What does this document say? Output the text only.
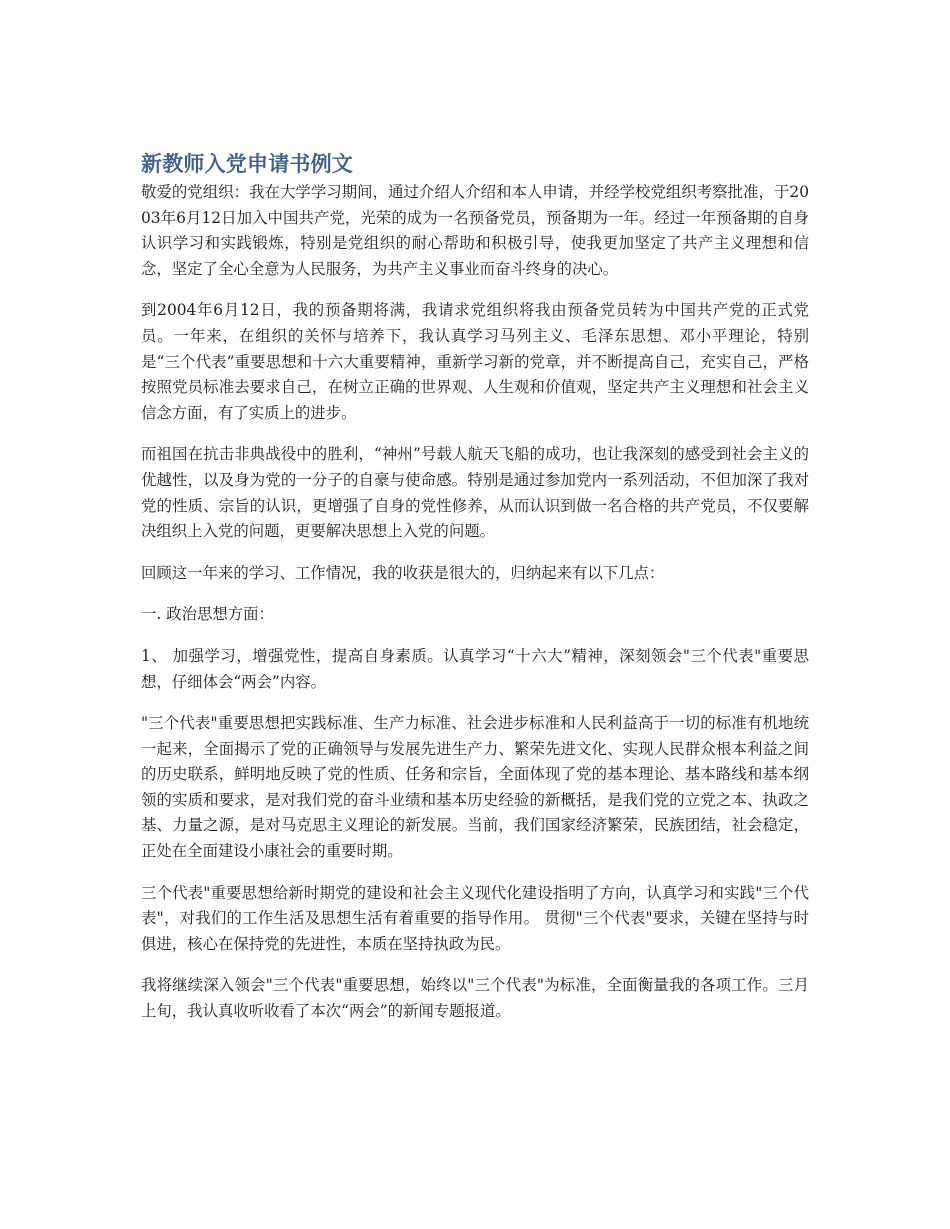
新教师入党申请书例文

敬爱的党组织：我在大学学习期间，通过介绍人介绍和本人申请，并经学校党组织考察批准，于2003年6月12日加入中国共产党，光荣的成为一名预备党员，预备期为一年。经过一年预备期的自身认识学习和实践锻炼，特别是党组织的耐心帮助和积极引导，使我更加坚定了共产主义理想和信念，坚定了全心全意为人民服务，为共产主义事业而奋斗终身的决心。

到2004年6月12日，我的预备期将满，我请求党组织将我由预备党员转为中国共产党的正式党员。一年来，在组织的关怀与培养下，我认真学习马列主义、毛泽东思想、邓小平理论，特别是“三个代表”重要思想和十六大重要精神，重新学习新的党章，并不断提高自己，充实自己，严格按照党员标准去要求自己，在树立正确的世界观、人生观和价值观，坚定共产主义理想和社会主义信念方面，有了实质上的进步。

而祖国在抗击非典战役中的胜利，“神州”号载人航天飞船的成功，也让我深刻的感受到社会主义的优越性，以及身为党的一分子的自豪与使命感。特别是通过参加党内一系列活动，不但加深了我对党的性质、宗旨的认识，更增强了自身的党性修养，从而认识到做一名合格的共产党员，不仅要解决组织上入党的问题，更要解决思想上入党的问题。

回顾这一年来的学习、工作情况，我的收获是很大的，归纳起来有以下几点：

一. 政治思想方面：

1、 加强学习，增强党性，提高自身素质。认真学习“十六大”精神，深刻领会"三个代表"重要思想，仔细体会“两会”内容。

"三个代表"重要思想把实践标准、生产力标准、社会进步标准和人民利益高于一切的标准有机地统一起来，全面揭示了党的正确领导与发展先进生产力、繁荣先进文化、实现人民群众根本利益之间的历史联系，鲜明地反映了党的性质、任务和宗旨，全面体现了党的基本理论、基本路线和基本纲领的实质和要求，是对我们党的奋斗业绩和基本历史经验的新概括，是我们党的立党之本、执政之基、力量之源，是对马克思主义理论的新发展。当前，我们国家经济繁荣，民族团结，社会稳定，正处在全面建设小康社会的重要时期。

三个代表"重要思想给新时期党的建设和社会主义现代化建设指明了方向，认真学习和实践"三个代表"，对我们的工作生活及思想生活有着重要的指导作用。 贯彻"三个代表"要求，关键在坚持与时俱进，核心在保持党的先进性，本质在坚持执政为民。

我将继续深入领会"三个代表"重要思想，始终以"三个代表"为标准，全面衡量我的各项工作。三月上旬，我认真收听收看了本次“两会”的新闻专题报道。
